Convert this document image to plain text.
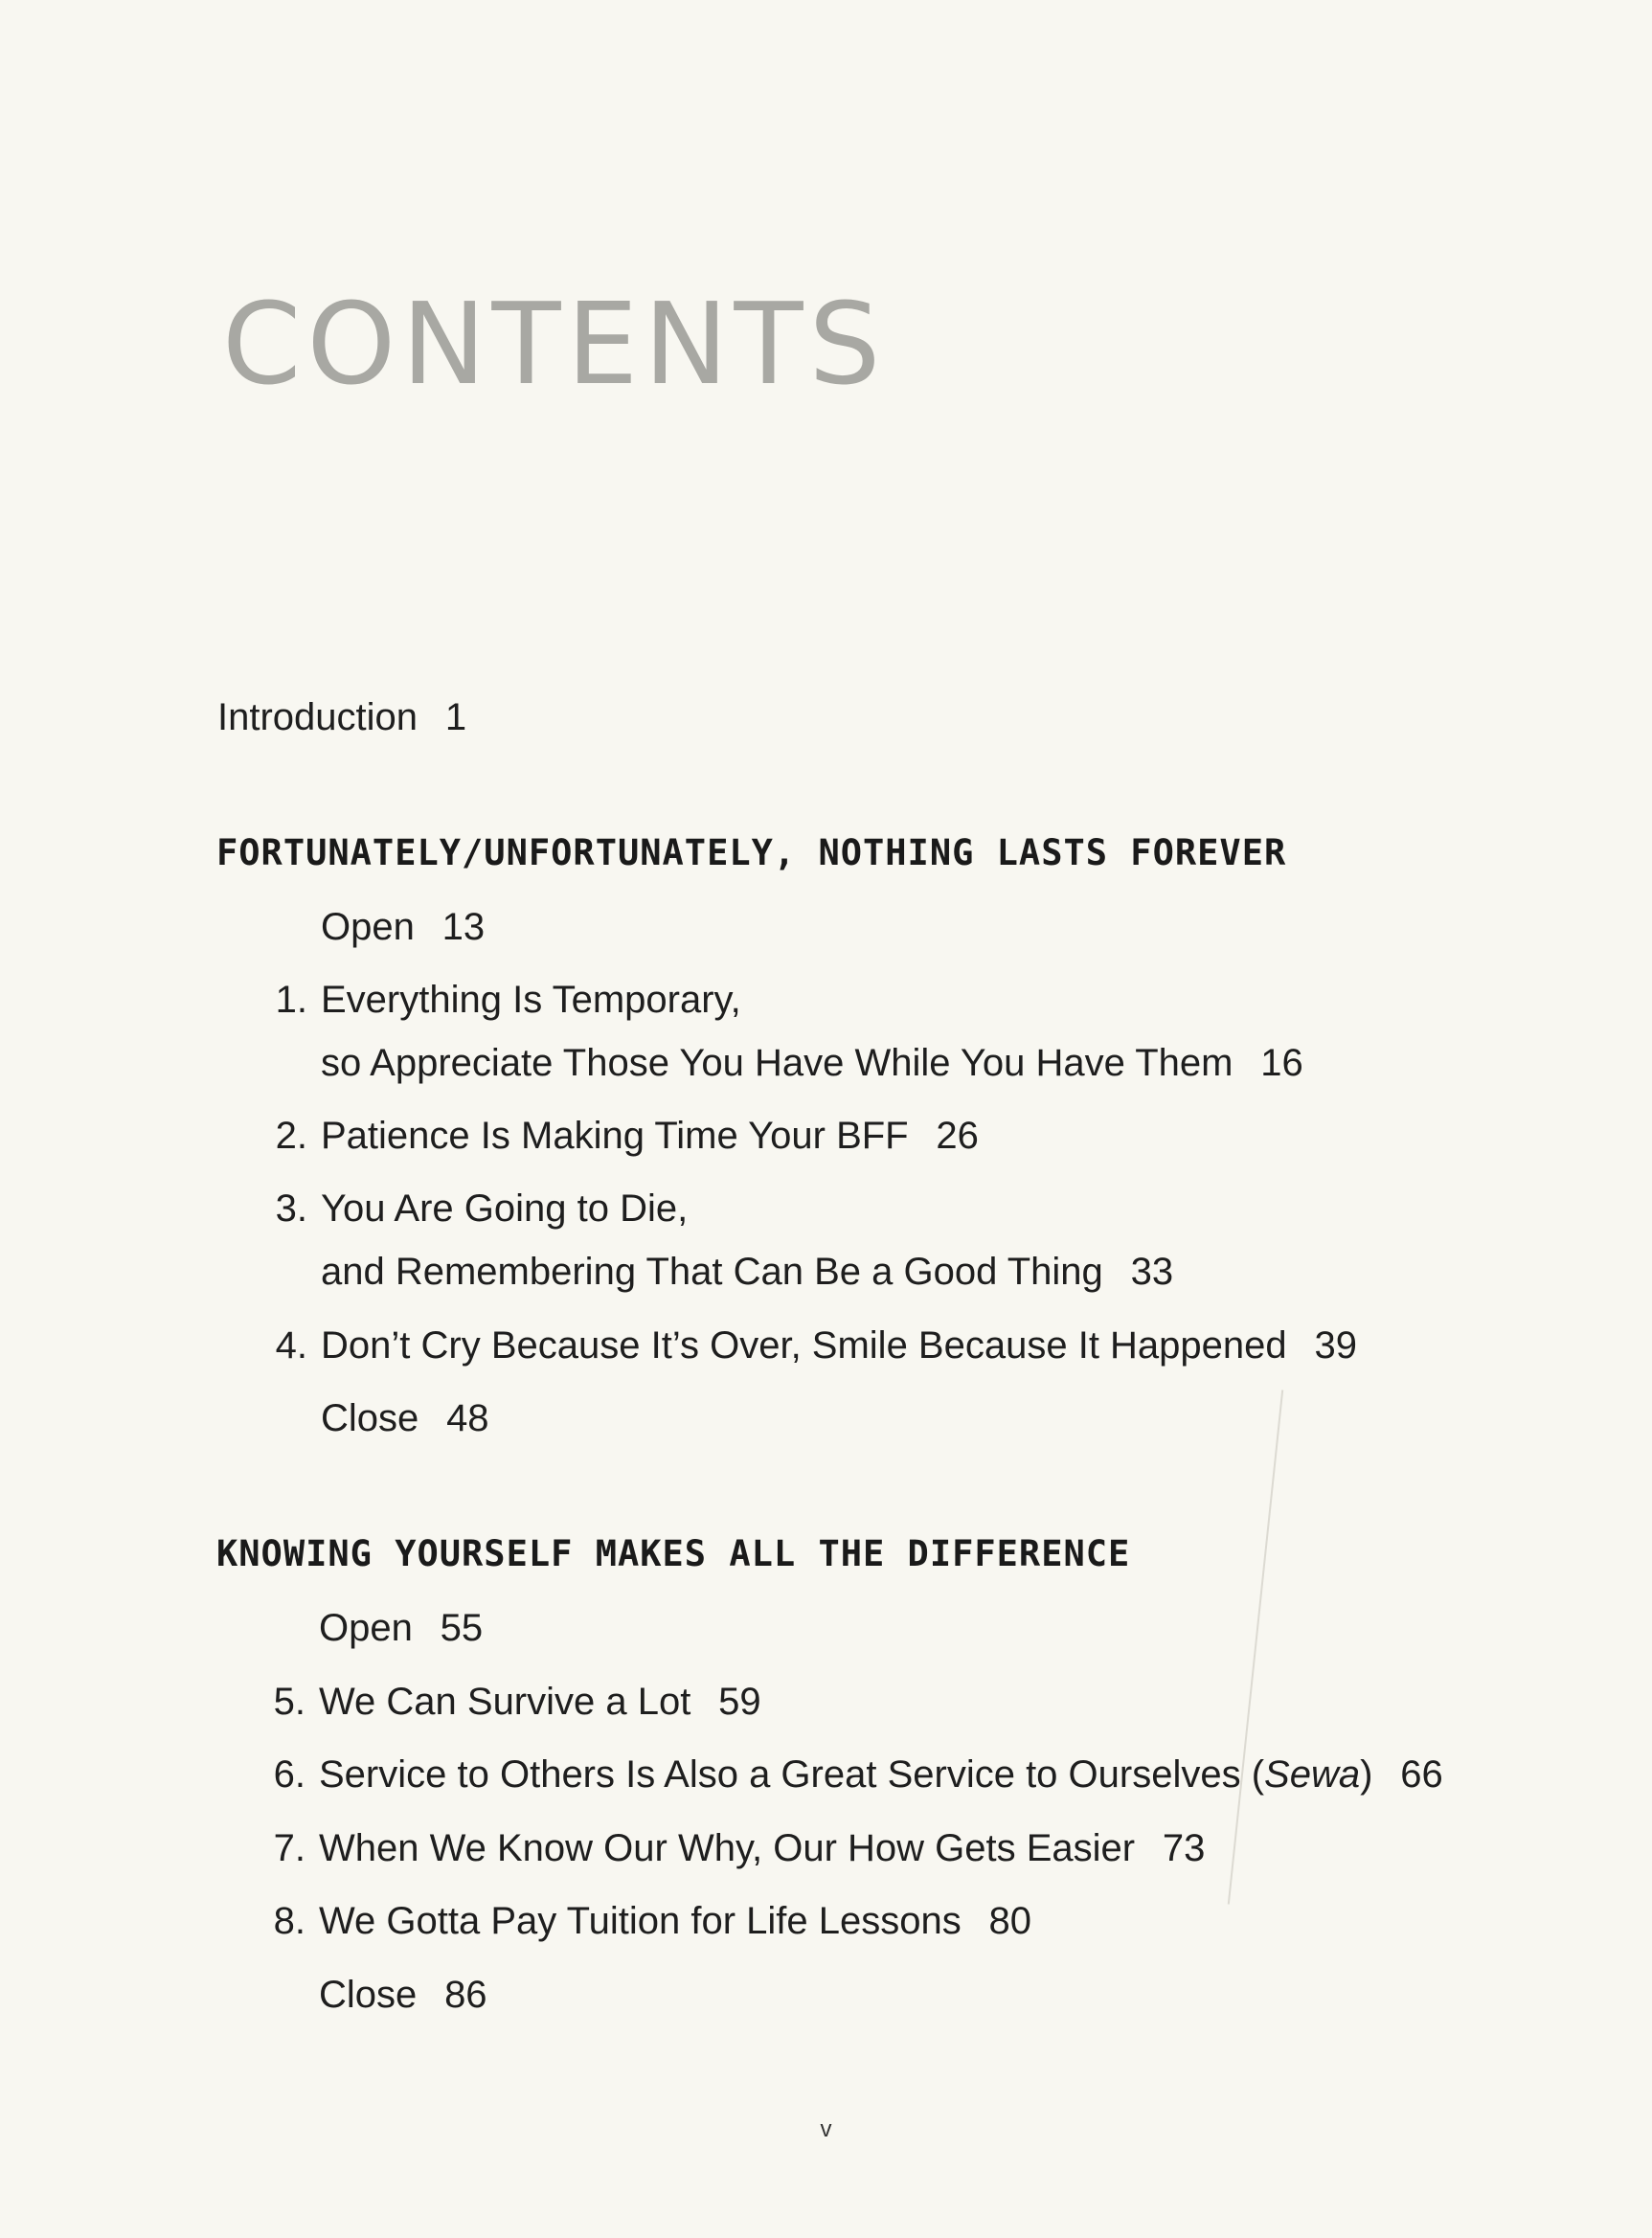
CONTENTS
Introduction 1
FORTUNATELY/UNFORTUNATELY, NOTHING LASTS FOREVER
Open 13
1. Everything Is Temporary,
so Appreciate Those You Have While You Have Them 16
2. Patience Is Making Time Your BFF 26
3. You Are Going to Die,
and Remembering That Can Be a Good Thing 33
4. Don’t Cry Because It’s Over, Smile Because It Happened 39
Close 48
KNOWING YOURSELF MAKES ALL THE DIFFERENCE
Open 55
5. We Can Survive a Lot 59
6. Service to Others Is Also a Great Service to Ourselves (Sewa) 66
7. When We Know Our Why, Our How Gets Easier 73
8. We Gotta Pay Tuition for Life Lessons 80
Close 86
v
